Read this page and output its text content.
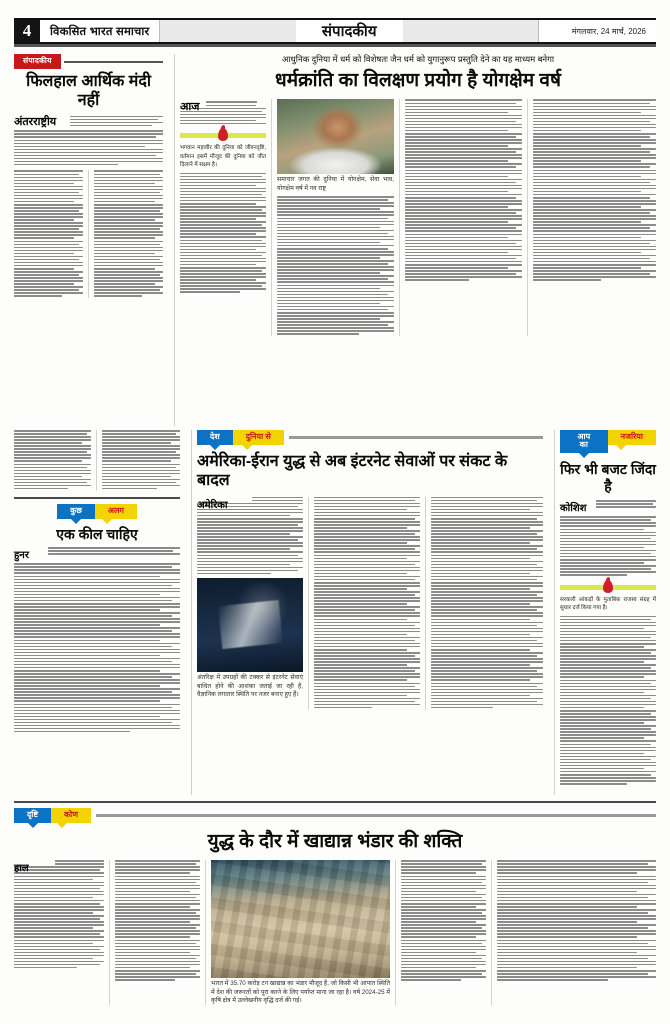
4	विकसित भारत समाचार	संपादकीय	मंगलवार, 24 मार्च, 2026
संपादकीय
फिलहाल आर्थिक मंदी नहीं
अंतरराष्ट्रीय
आधुनिक दुनिया में धर्म को विशेषतः जैन धर्म को युगानुरूप प्रस्तुति देने का यह माध्यम बनेगा
धर्मक्रांति का विलक्षण प्रयोग है योगक्षेम वर्ष
आज
भगवान महावीर की दुनिया को जीवनदृष्टि, वर्तमान इसमें मौजूद की दुनिया को जीत दिलाने में सक्षम है।
समाचार जगत की दुनिया में योगक्षेम, सेवा भाव, योगक्षेम वर्ष में नव राष्ट्र
कुछ	अलग
एक कील चाहिए
हुनर
देश	दुनिया से
अमेरिका-ईरान युद्ध से अब इंटरनेट सेवाओं पर संकट के बादल
अमेरिका
अंतरिक्ष में उपग्रहों की टक्कर से इंटरनेट सेवाएं बाधित होने की आशंका जताई जा रही है, वैज्ञानिक लगातार स्थिति पर नजर बनाए हुए हैं।
आप का
नजरिया
फिर भी बजट जिंदा है
कोशिश
सरकारी आंकड़ों के मुताबिक राजस्व संग्रह में सुधार दर्ज किया गया है।
दृष्टि	कोण
युद्ध के दौर में खाद्यान्न भंडार की शक्ति
हाल
भारत में 35.70 करोड़ टन खाद्यान्न का भंडार मौजूद है, जो किसी भी आपात स्थिति में देश की जरूरतों को पूरा करने के लिए पर्याप्त माना जा रहा है। वर्ष 2024-25 में कृषि क्षेत्र में उल्लेखनीय वृद्धि दर्ज की गई।
